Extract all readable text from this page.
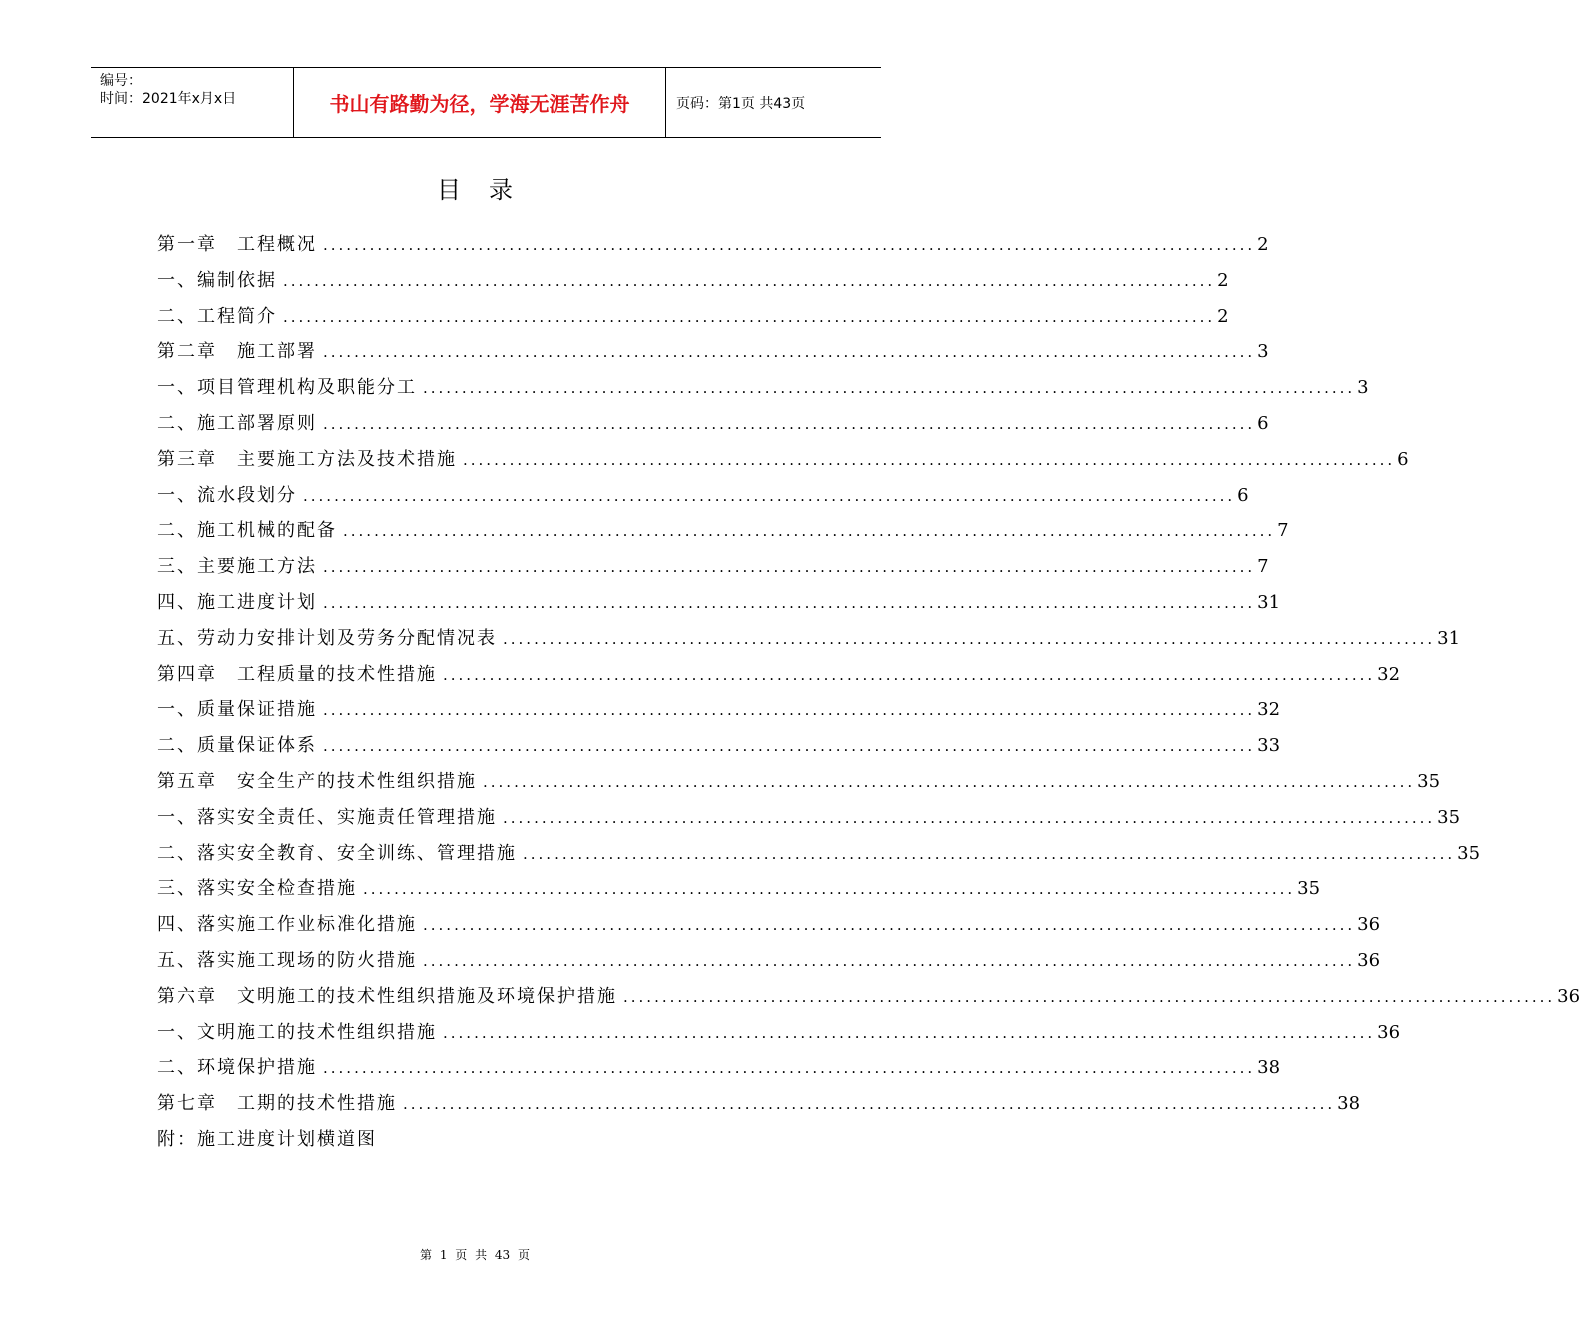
编号：
时间：2021年x月x日	书山有路勤为径，学海无涯苦作舟	页码：第1页 共43页
目录
第一章　工程概况 ........................................................................................................................ 2
一、编制依据 ........................................................................................................................ 2
二、工程简介 ........................................................................................................................ 2
第二章　施工部署 ........................................................................................................................ 3
一、项目管理机构及职能分工 ........................................................................................................................ 3
二、施工部署原则 ........................................................................................................................ 6
第三章　主要施工方法及技术措施 ........................................................................................................................ 6
一、流水段划分 ........................................................................................................................ 6
二、施工机械的配备 ........................................................................................................................ 7
三、主要施工方法 ........................................................................................................................ 7
四、施工进度计划 ........................................................................................................................ 31
五、劳动力安排计划及劳务分配情况表 ........................................................................................................................ 31
第四章　工程质量的技术性措施 ........................................................................................................................ 32
一、质量保证措施 ........................................................................................................................ 32
二、质量保证体系 ........................................................................................................................ 33
第五章　安全生产的技术性组织措施 ........................................................................................................................ 35
一、落实安全责任、实施责任管理措施 ........................................................................................................................ 35
二、落实安全教育、安全训练、管理措施 ........................................................................................................................ 35
三、落实安全检查措施 ........................................................................................................................ 35
四、落实施工作业标准化措施 ........................................................................................................................ 36
五、落实施工现场的防火措施 ........................................................................................................................ 36
第六章　文明施工的技术性组织措施及环境保护措施 ........................................................................................................................ 36
一、文明施工的技术性组织措施 ........................................................................................................................ 36
二、环境保护措施 ........................................................................................................................ 38
第七章　工期的技术性措施 ........................................................................................................................ 38
附：施工进度计划横道图
第 1 页 共 43 页
